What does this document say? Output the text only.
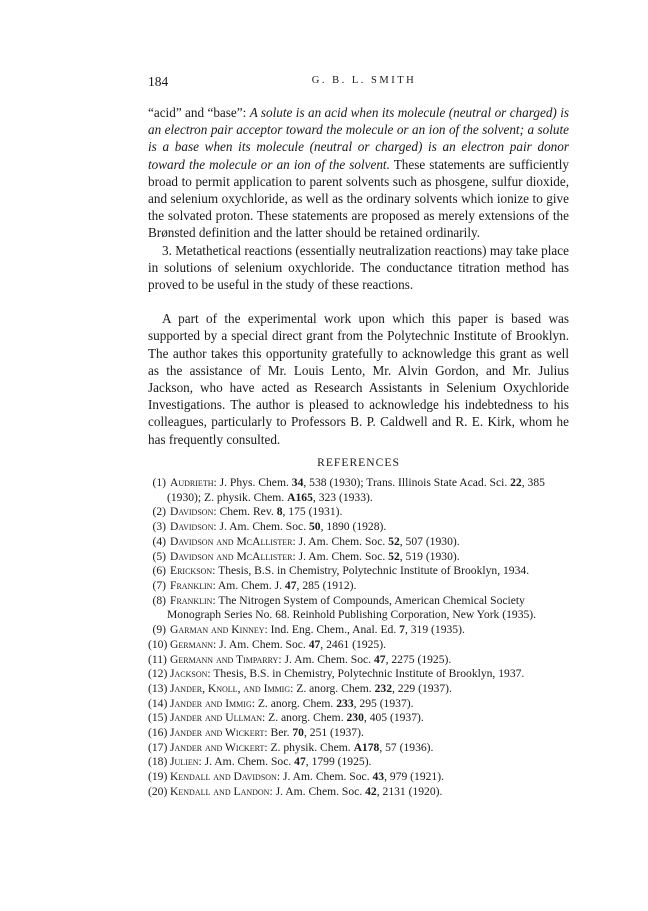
184	G. B. L. SMITH

“acid” and “base”: A solute is an acid when its molecule (neutral or charged) is an electron pair acceptor toward the molecule or an ion of the solvent; a solute is a base when its molecule (neutral or charged) is an electron pair donor toward the molecule or an ion of the solvent. These statements are sufficiently broad to permit application to parent solvents such as phosgene, sulfur dioxide, and selenium oxychloride, as well as the ordinary solvents which ionize to give the solvated proton. These statements are proposed as merely extensions of the Brønsted definition and the latter should be retained ordinarily.

3. Metathetical reactions (essentially neutralization reactions) may take place in solutions of selenium oxychloride. The conductance titration method has proved to be useful in the study of these reactions.

A part of the experimental work upon which this paper is based was supported by a special direct grant from the Polytechnic Institute of Brooklyn. The author takes this opportunity gratefully to acknowledge this grant as well as the assistance of Mr. Louis Lento, Mr. Alvin Gordon, and Mr. Julius Jackson, who have acted as Research Assistants in Selenium Oxychloride Investigations. The author is pleased to acknowledge his indebtedness to his colleagues, particularly to Professors B. P. Caldwell and R. E. Kirk, whom he has frequently consulted.

REFERENCES
(1) Audrieth: J. Phys. Chem. 34, 538 (1930); Trans. Illinois State Acad. Sci. 22, 385 (1930); Z. physik. Chem. A165, 323 (1933).
(2) Davidson: Chem. Rev. 8, 175 (1931).
(3) Davidson: J. Am. Chem. Soc. 50, 1890 (1928).
(4) Davidson and McAllister: J. Am. Chem. Soc. 52, 507 (1930).
(5) Davidson and McAllister: J. Am. Chem. Soc. 52, 519 (1930).
(6) Erickson: Thesis, B.S. in Chemistry, Polytechnic Institute of Brooklyn, 1934.
(7) Franklin: Am. Chem. J. 47, 285 (1912).
(8) Franklin: The Nitrogen System of Compounds, American Chemical Society Monograph Series No. 68. Reinhold Publishing Corporation, New York (1935).
(9) Garman and Kinney: Ind. Eng. Chem., Anal. Ed. 7, 319 (1935).
(10) Germann: J. Am. Chem. Soc. 47, 2461 (1925).
(11) Germann and Timparry: J. Am. Chem. Soc. 47, 2275 (1925).
(12) Jackson: Thesis, B.S. in Chemistry, Polytechnic Institute of Brooklyn, 1937.
(13) Jander, Knoll, and Immig: Z. anorg. Chem. 232, 229 (1937).
(14) Jander and Immig: Z. anorg. Chem. 233, 295 (1937).
(15) Jander and Ullman: Z. anorg. Chem. 230, 405 (1937).
(16) Jander and Wickert: Ber. 70, 251 (1937).
(17) Jander and Wickert: Z. physik. Chem. A178, 57 (1936).
(18) Julien: J. Am. Chem. Soc. 47, 1799 (1925).
(19) Kendall and Davidson: J. Am. Chem. Soc. 43, 979 (1921).
(20) Kendall and Landon: J. Am. Chem. Soc. 42, 2131 (1920).
